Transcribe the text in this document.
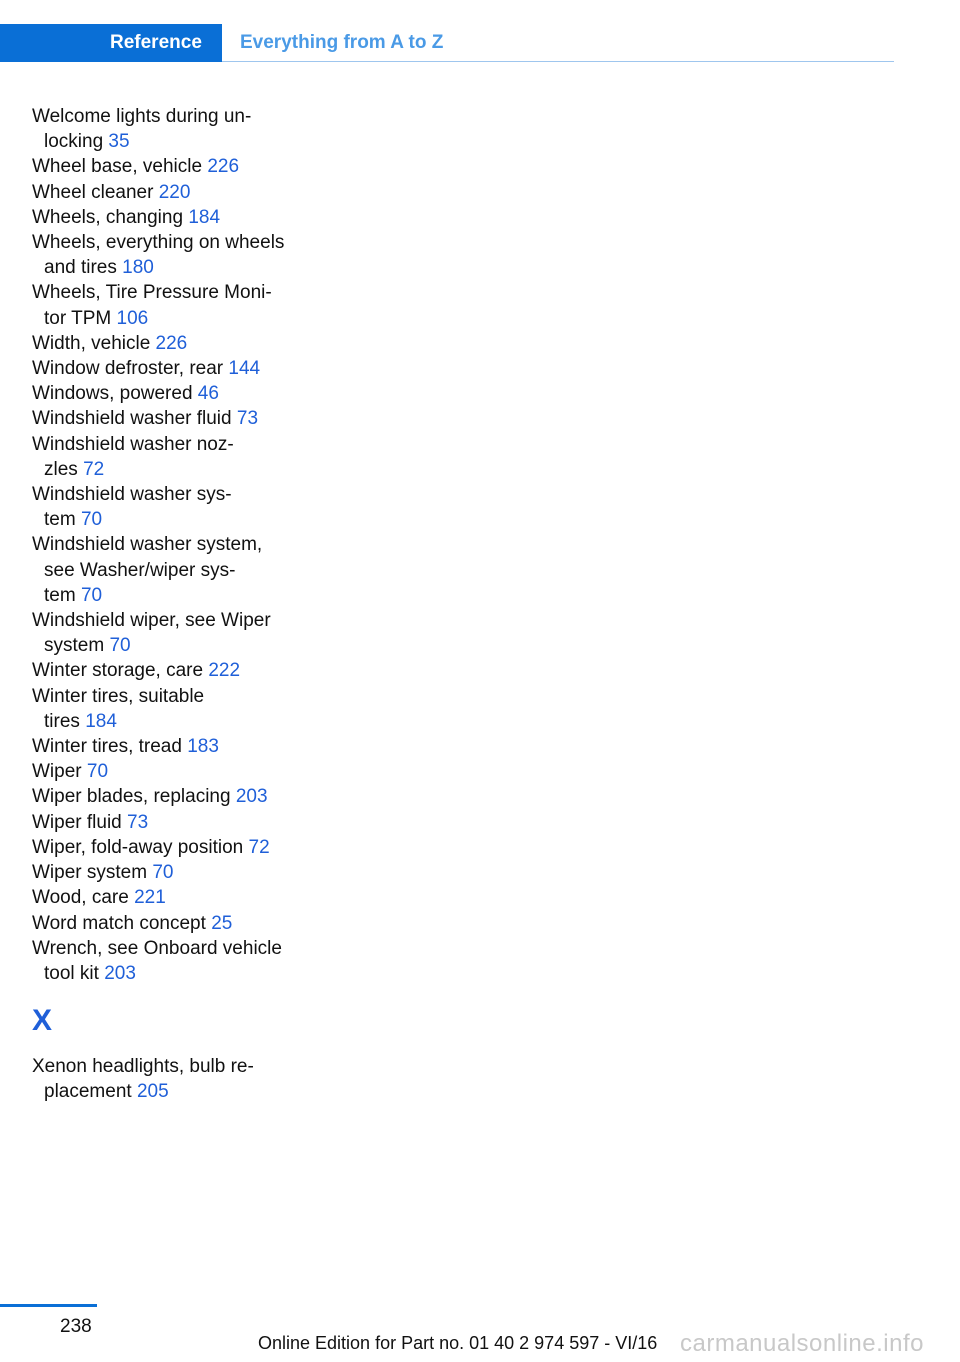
Reference	Everything from A to Z
Welcome lights during un-
locking 35
Wheel base, vehicle 226
Wheel cleaner 220
Wheels, changing 184
Wheels, everything on wheels
and tires 180
Wheels, Tire Pressure Moni-
tor TPM 106
Width, vehicle 226
Window defroster, rear 144
Windows, powered 46
Windshield washer fluid 73
Windshield washer noz-
zles 72
Windshield washer sys-
tem 70
Windshield washer system,
see Washer/wiper sys-
tem 70
Windshield wiper, see Wiper
system 70
Winter storage, care 222
Winter tires, suitable
tires 184
Winter tires, tread 183
Wiper 70
Wiper blades, replacing 203
Wiper fluid 73
Wiper, fold-away position 72
Wiper system 70
Wood, care 221
Word match concept 25
Wrench, see Onboard vehicle
tool kit 203
X
Xenon headlights, bulb re-
placement 205
238
Online Edition for Part no. 01 40 2 974 597 - VI/16 carmanualsonline.info
